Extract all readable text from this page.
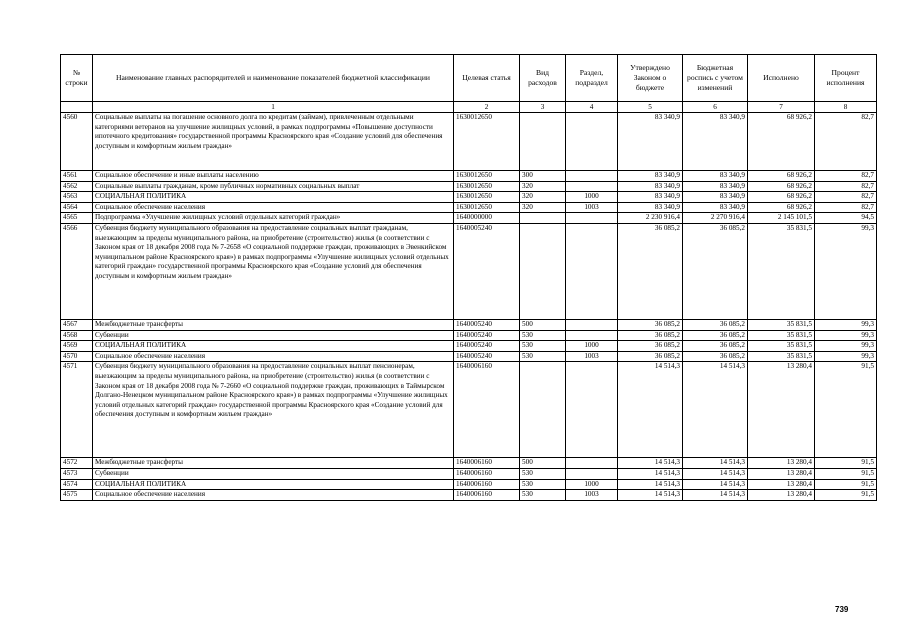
№ строки	Наименование главных распорядителей и наименование показателей бюджетной классификации	Целевая статья	Вид расходов	Раздел, подраздел	Утверждено Законом о бюджете	Бюджетная роспись с учетом изменений	Исполнено	Процент исполнения
	1	2	3	4	5	6	7	8
4560	Социальные выплаты на погашение основного долга по кредитам (займам), привлеченным отдельными категориями ветеранов на улучшение жилищных условий, в рамках подпрограммы «Повышение доступности ипотечного кредитования» государственной программы Красноярского края «Создание условий для обеспечения доступным и комфортным жильем граждан»	1630012650			83 340,9	83 340,9	68 926,2	82,7
4561	Социальное обеспечение и иные выплаты населению	1630012650	300		83 340,9	83 340,9	68 926,2	82,7
4562	Социальные выплаты гражданам, кроме публичных нормативных социальных выплат	1630012650	320		83 340,9	83 340,9	68 926,2	82,7
4563	СОЦИАЛЬНАЯ ПОЛИТИКА	1630012650	320	1000	83 340,9	83 340,9	68 926,2	82,7
4564	Социальное обеспечение населения	1630012650	320	1003	83 340,9	83 340,9	68 926,2	82,7
4565	Подпрограмма «Улучшение жилищных условий отдельных категорий граждан»	1640000000			2 230 916,4	2 270 916,4	2 145 101,5	94,5
4566	Субвенция бюджету муниципального образования на предоставление социальных выплат гражданам, выезжающим за пределы муниципального района, на приобретение (строительство) жилья (в соответствии с Законом края от 18 декабря 2008 года № 7-2658 «О социальной поддержке граждан, проживающих в Эвенкийском муниципальном районе Красноярского края») в рамках подпрограммы «Улучшение жилищных условий отдельных категорий граждан» государственной программы Красноярского края «Создание условий для обеспечения доступным и комфортным жильем граждан»	1640005240			36 085,2	36 085,2	35 831,5	99,3
4567	Межбюджетные трансферты	1640005240	500		36 085,2	36 085,2	35 831,5	99,3
4568	Субвенции	1640005240	530		36 085,2	36 085,2	35 831,5	99,3
4569	СОЦИАЛЬНАЯ ПОЛИТИКА	1640005240	530	1000	36 085,2	36 085,2	35 831,5	99,3
4570	Социальное обеспечение населения	1640005240	530	1003	36 085,2	36 085,2	35 831,5	99,3
4571	Субвенция бюджету муниципального образования на предоставление социальных выплат пенсионерам, выезжающим за пределы муниципального района, на приобретение (строительство) жилья (в соответствии с Законом края от 18 декабря 2008 года № 7-2660 «О социальной поддержке граждан, проживающих в Таймырском Долгано-Ненецком муниципальном районе Красноярского края») в рамках подпрограммы «Улучшение жилищных условий отдельных категорий граждан» государственной программы Красноярского края «Создание условий для обеспечения доступным и комфортным жильем граждан»	1640006160			14 514,3	14 514,3	13 280,4	91,5
4572	Межбюджетные трансферты	1640006160	500		14 514,3	14 514,3	13 280,4	91,5
4573	Субвенции	1640006160	530		14 514,3	14 514,3	13 280,4	91,5
4574	СОЦИАЛЬНАЯ ПОЛИТИКА	1640006160	530	1000	14 514,3	14 514,3	13 280,4	91,5
4575	Социальное обеспечение населения	1640006160	530	1003	14 514,3	14 514,3	13 280,4	91,5
739
